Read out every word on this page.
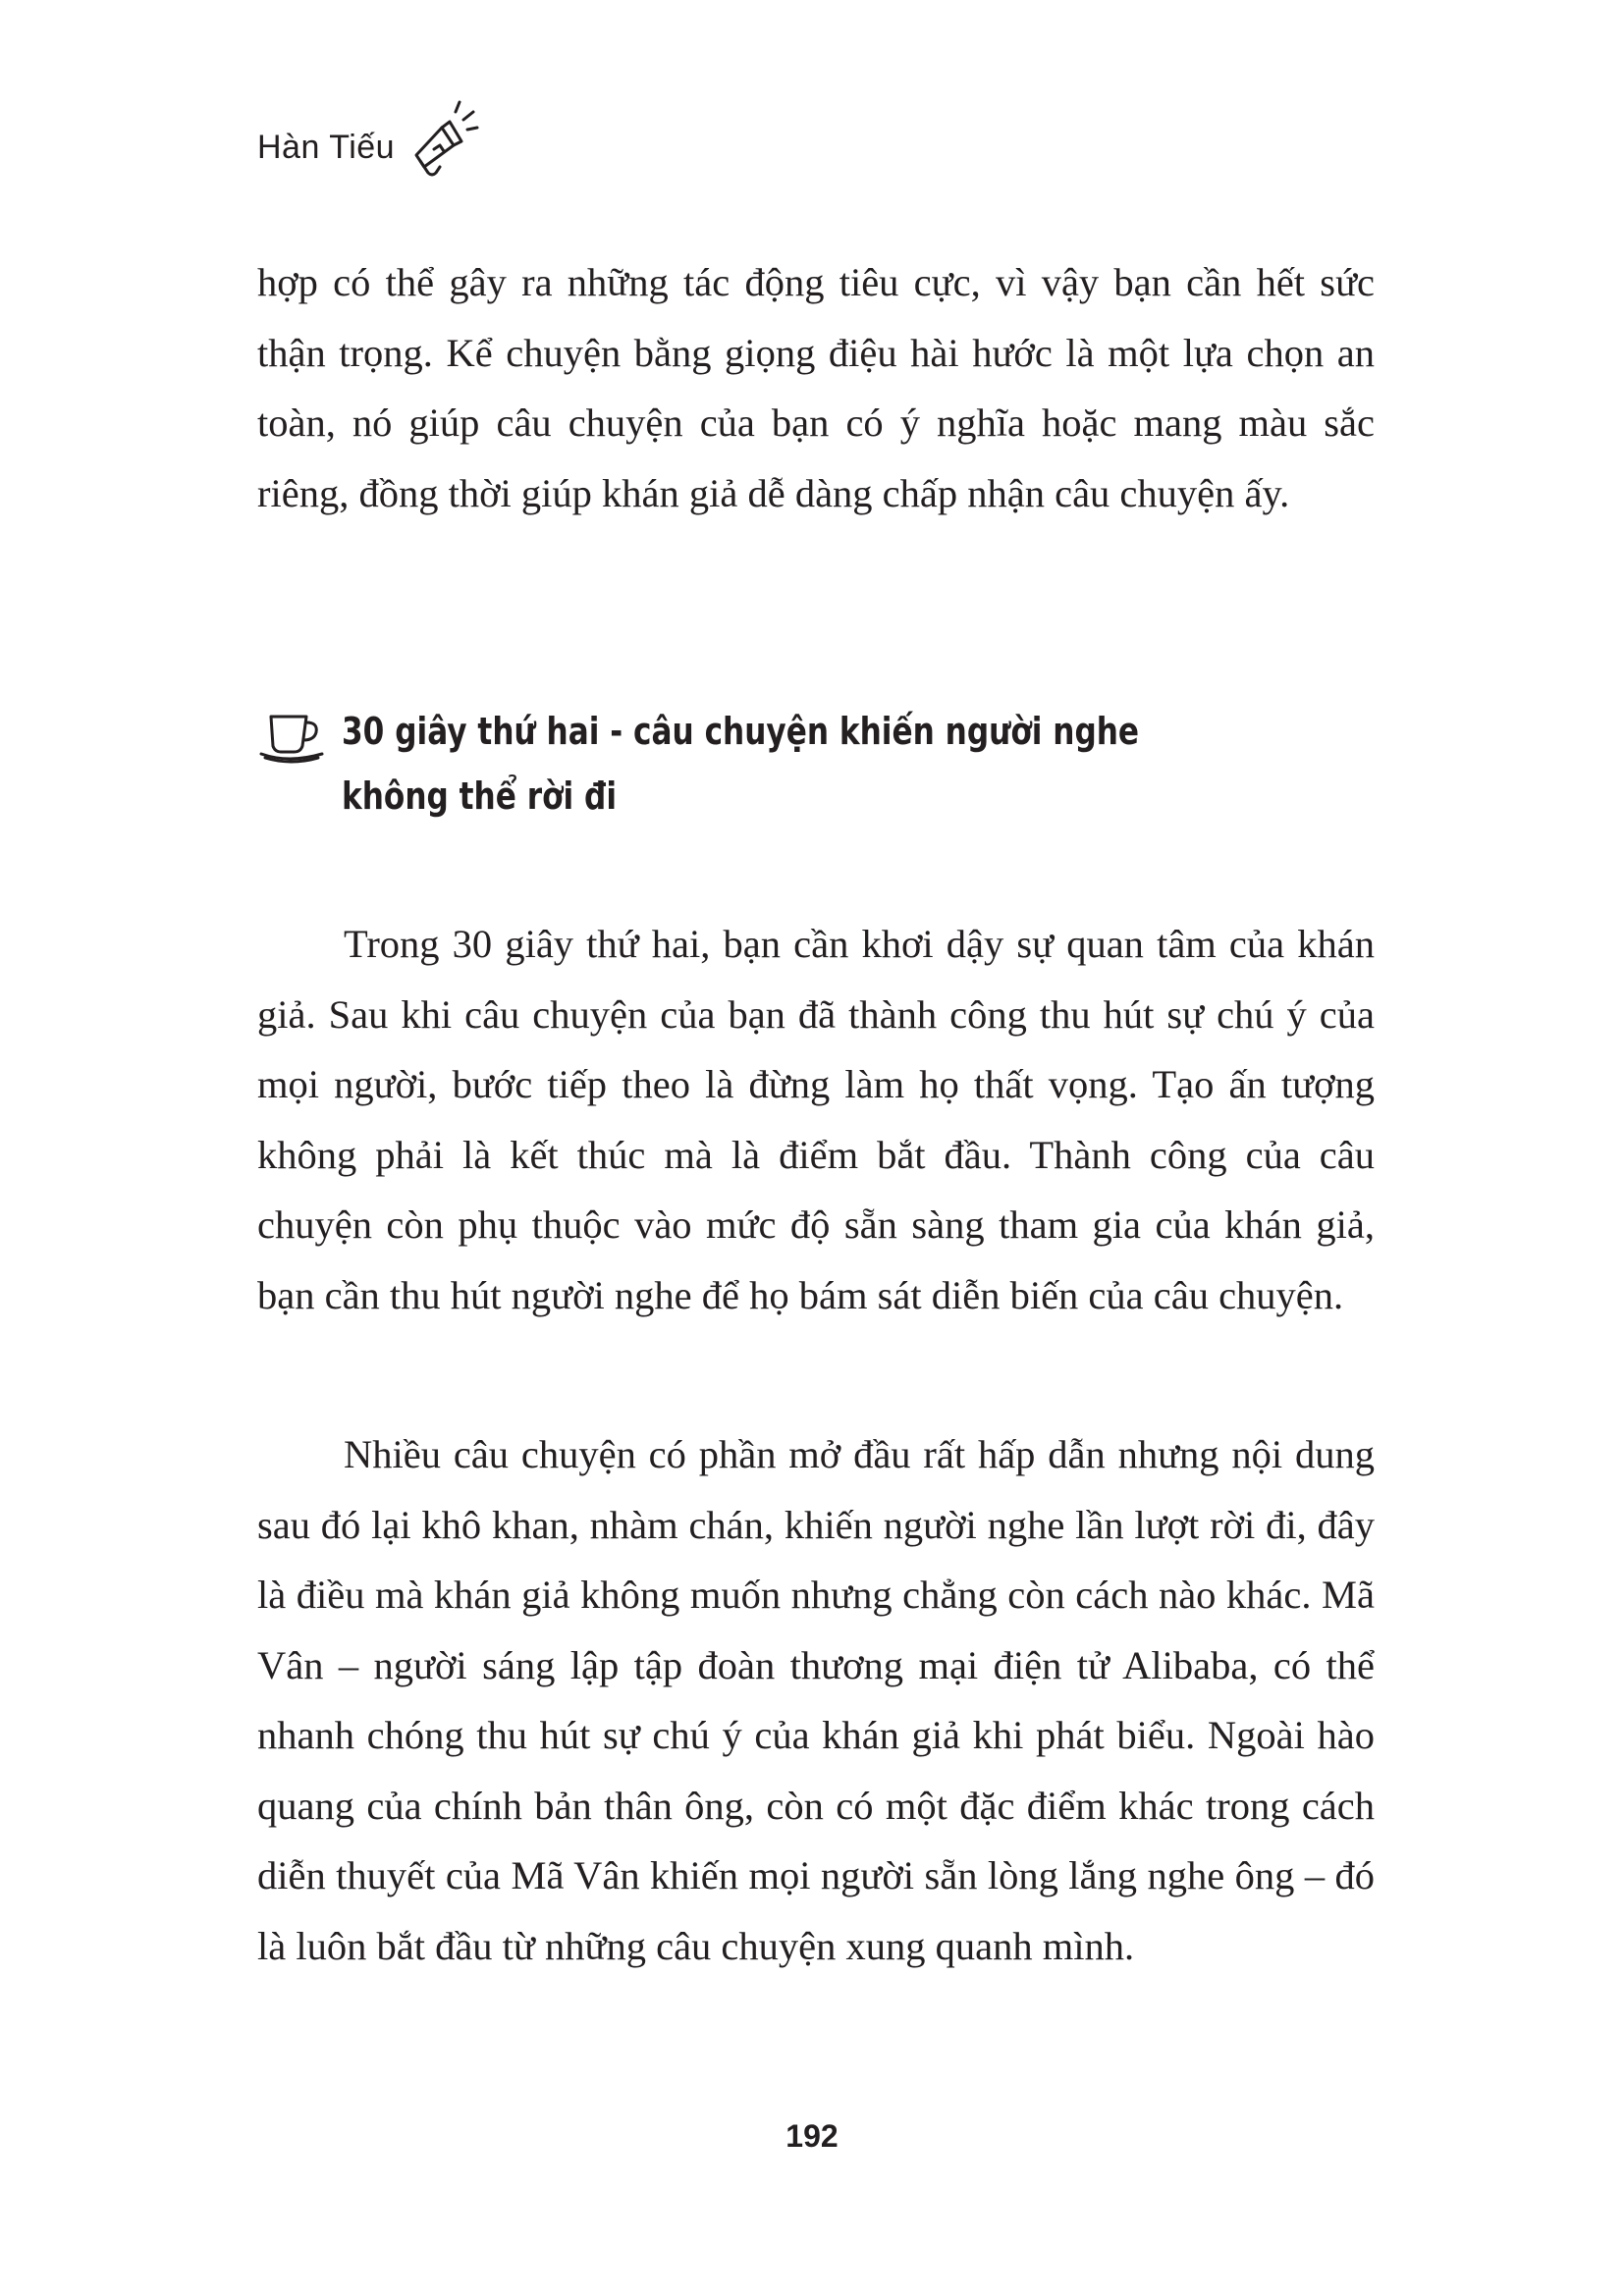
Hàn Tiếu

hợp có thể gây ra những tác động tiêu cực, vì vậy bạn cần hết sức thận trọng. Kể chuyện bằng giọng điệu hài hước là một lựa chọn an toàn, nó giúp câu chuyện của bạn có ý nghĩa hoặc mang màu sắc riêng, đồng thời giúp khán giả dễ dàng chấp nhận câu chuyện ấy.

30 giây thứ hai - câu chuyện khiến người nghe
không thể rời đi

Trong 30 giây thứ hai, bạn cần khơi dậy sự quan tâm của khán giả. Sau khi câu chuyện của bạn đã thành công thu hút sự chú ý của mọi người, bước tiếp theo là đừng làm họ thất vọng. Tạo ấn tượng không phải là kết thúc mà là điểm bắt đầu. Thành công của câu chuyện còn phụ thuộc vào mức độ sẵn sàng tham gia của khán giả, bạn cần thu hút người nghe để họ bám sát diễn biến của câu chuyện.

Nhiều câu chuyện có phần mở đầu rất hấp dẫn nhưng nội dung sau đó lại khô khan, nhàm chán, khiến người nghe lần lượt rời đi, đây là điều mà khán giả không muốn nhưng chẳng còn cách nào khác. Mã Vân – người sáng lập tập đoàn thương mại điện tử Alibaba, có thể nhanh chóng thu hút sự chú ý của khán giả khi phát biểu. Ngoài hào quang của chính bản thân ông, còn có một đặc điểm khác trong cách diễn thuyết của Mã Vân khiến mọi người sẵn lòng lắng nghe ông – đó là luôn bắt đầu từ những câu chuyện xung quanh mình.

192
